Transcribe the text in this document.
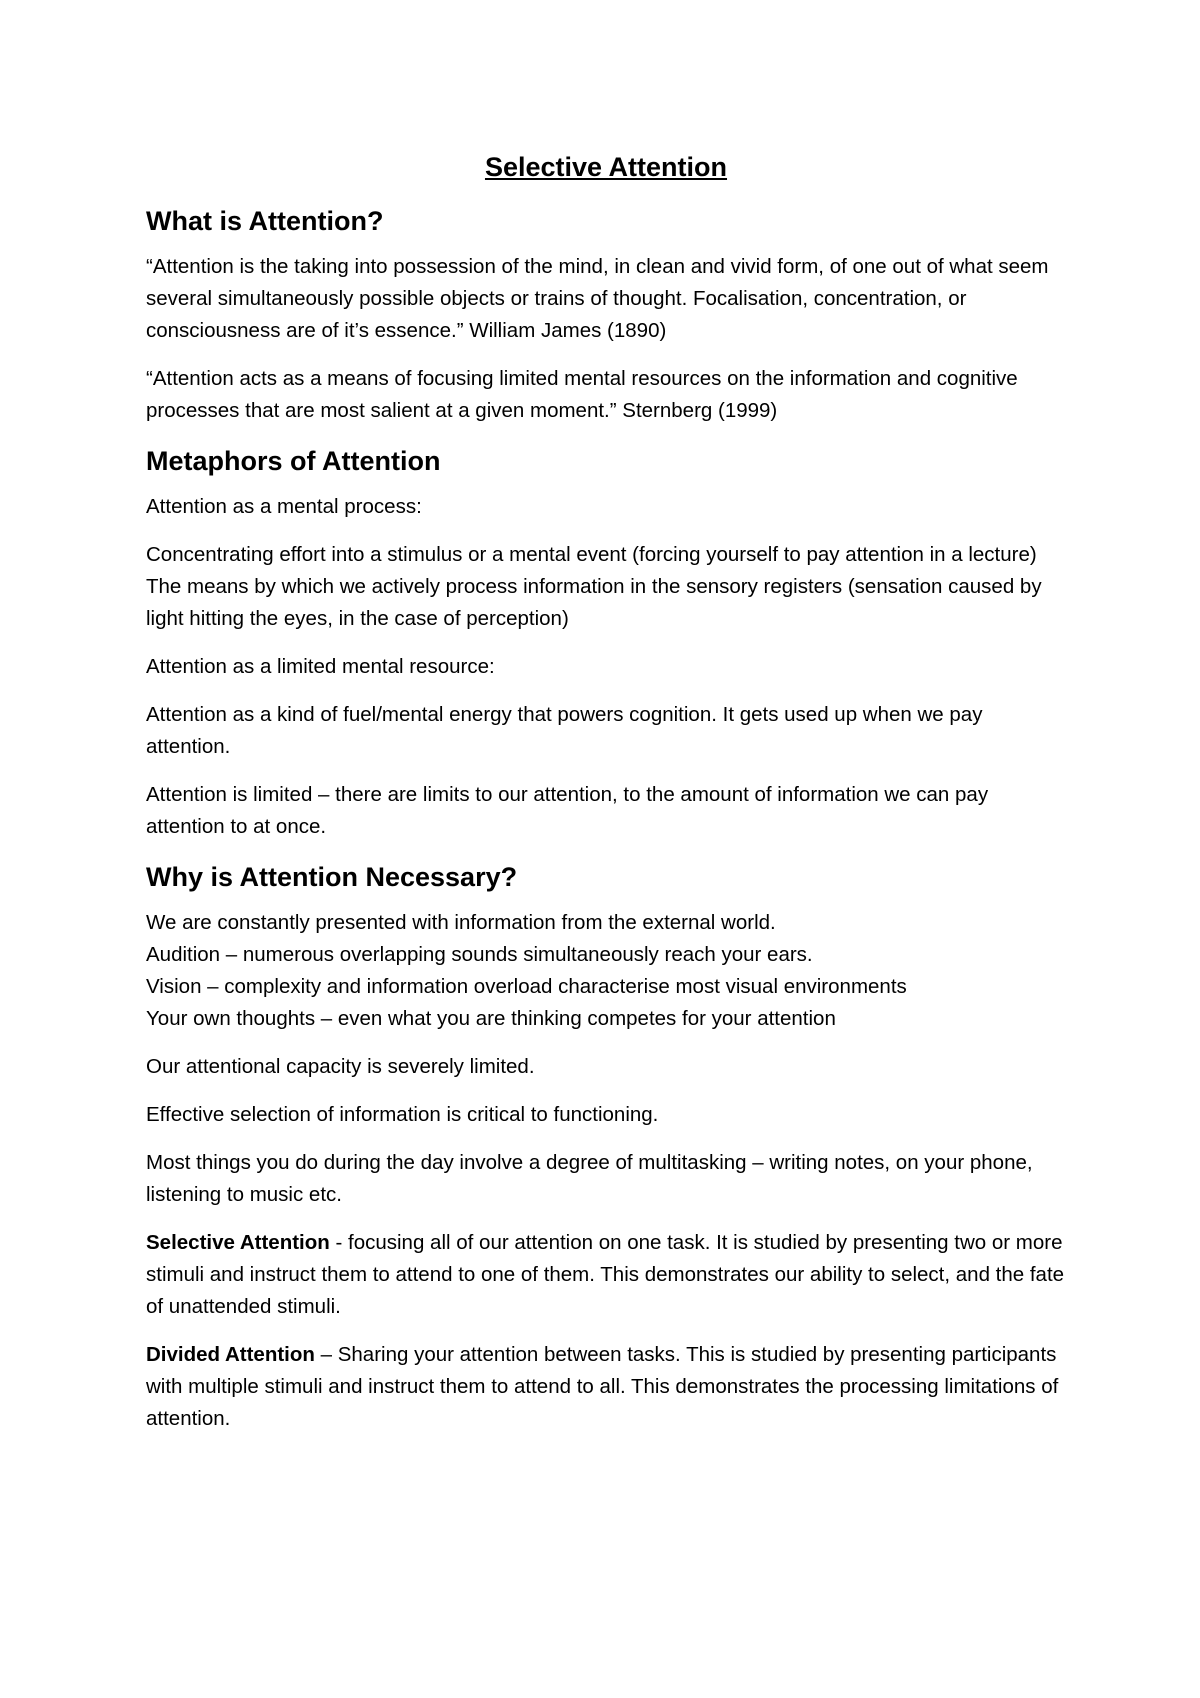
Selective Attention
What is Attention?

“Attention is the taking into possession of the mind, in clean and vivid form, of one out of what seem several simultaneously possible objects or trains of thought. Focalisation, concentration, or consciousness are of it’s essence.” William James (1890)

“Attention acts as a means of focusing limited mental resources on the information and cognitive processes that are most salient at a given moment.” Sternberg (1999)

Metaphors of Attention

Attention as a mental process:

Concentrating effort into a stimulus or a mental event (forcing yourself to pay attention in a lecture)

The means by which we actively process information in the sensory registers (sensation caused by light hitting the eyes, in the case of perception)

Attention as a limited mental resource:

Attention as a kind of fuel/mental energy that powers cognition. It gets used up when we pay attention.

Attention is limited – there are limits to our attention, to the amount of information we can pay attention to at once.

Why is Attention Necessary?

We are constantly presented with information from the external world.

Audition – numerous overlapping sounds simultaneously reach your ears.

Vision – complexity and information overload characterise most visual environments

Your own thoughts – even what you are thinking competes for your attention

Our attentional capacity is severely limited.

Effective selection of information is critical to functioning.

Most things you do during the day involve a degree of multitasking – writing notes, on your phone, listening to music etc.

Selective Attention - focusing all of our attention on one task. It is studied by presenting two or more stimuli and instruct them to attend to one of them. This demonstrates our ability to select, and the fate of unattended stimuli.

Divided Attention – Sharing your attention between tasks. This is studied by presenting participants with multiple stimuli and instruct them to attend to all. This demonstrates the processing limitations of attention.
